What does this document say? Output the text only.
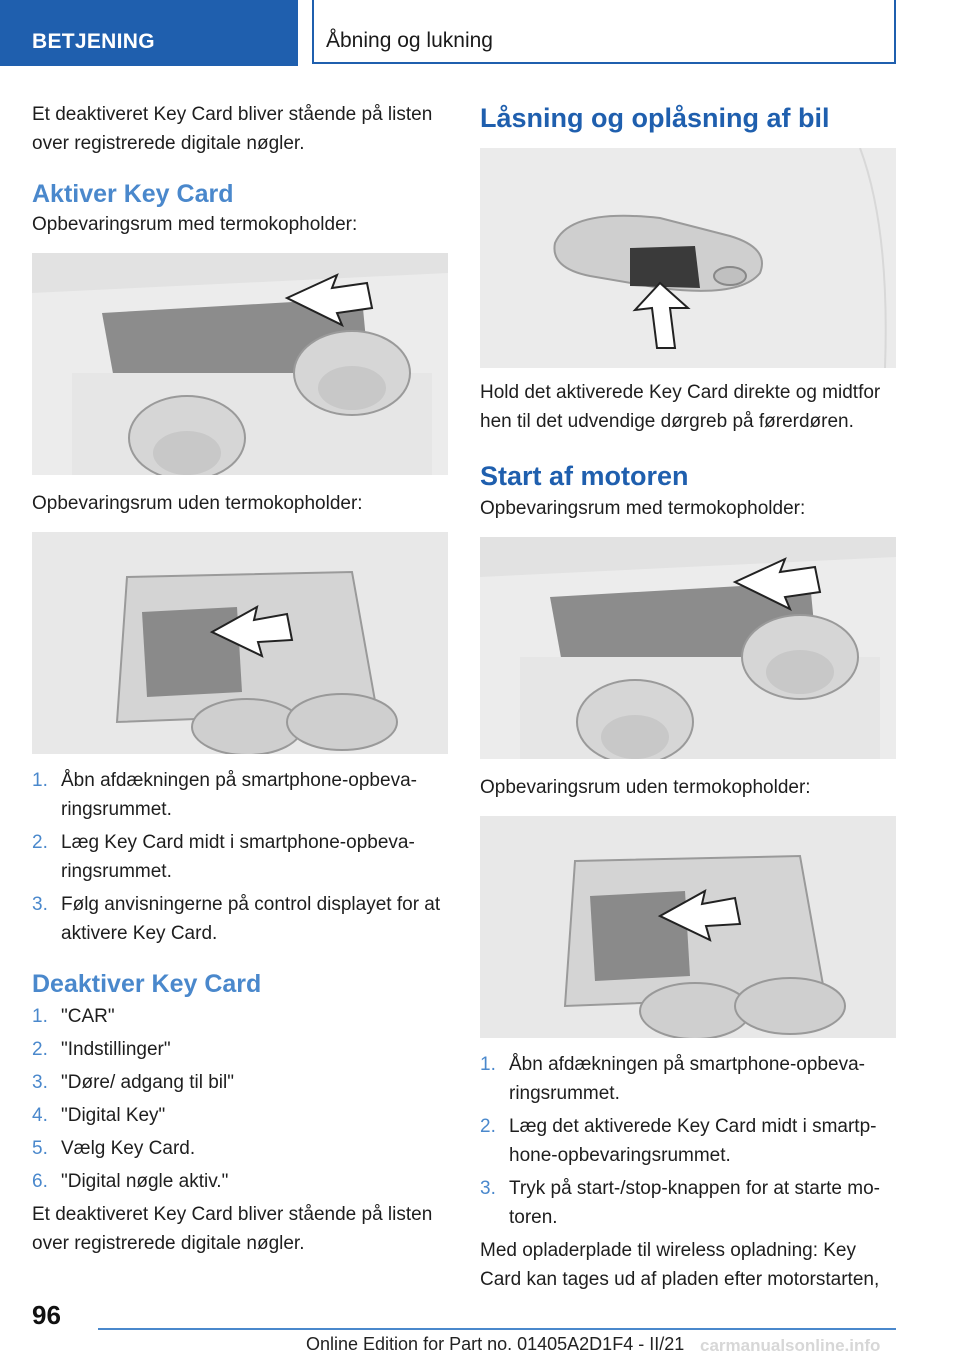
BETJENING	Åbning og lukning

Et deaktiveret Key Card bliver stående på listen over registrerede digitale nøgler.

Aktiver Key Card

Opbevaringsrum med termokopholder:

Opbevaringsrum uden termokopholder:

1. Åbn afdækningen på smartphone-opbevaringsrummet.
2. Læg Key Card midt i smartphone-opbevaringsrummet.
3. Følg anvisningerne på control displayet for at aktivere Key Card.
Deaktiver Key Card
1. "CAR"
2. "Indstillinger"
3. "Døre/ adgang til bil"
4. "Digital Key"
5. Vælg Key Card.
6. "Digital nøgle aktiv."

Et deaktiveret Key Card bliver stående på listen over registrerede digitale nøgler.

Låsning og oplåsning af bil

Hold det aktiverede Key Card direkte og midtfor hen til det udvendige dørgreb på førerdøren.

Start af motoren

Opbevaringsrum med termokopholder:

Opbevaringsrum uden termokopholder:

1. Åbn afdækningen på smartphone-opbevaringsrummet.
2. Læg det aktiverede Key Card midt i smartphone-opbevaringsrummet.
3. Tryk på start-/stop-knappen for at starte motoren.

Med opladerplade til wireless opladning: Key Card kan tages ud af pladen efter motorstarten,

96
Online Edition for Part no. 01405A2D1F4 - II/21 carmanualsonline.info
